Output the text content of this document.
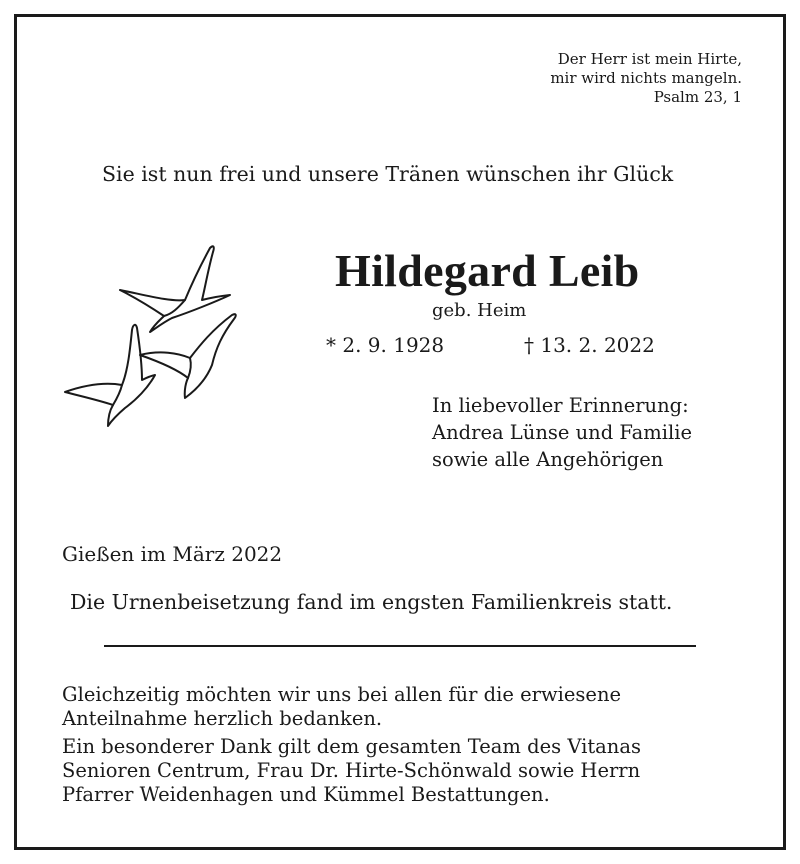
Der Herr ist mein Hirte,
mir wird nichts mangeln.
Psalm 23, 1
Sie ist nun frei und unsere Tränen wünschen ihr Glück
Hildegard Leib
geb. Heim
* 2. 9. 1928	† 13. 2. 2022
In liebevoller Erinnerung:
Andrea Lünse und Familie
sowie alle Angehörigen
Gießen im März 2022
Die Urnenbeisetzung fand im engsten Familienkreis statt.
Gleichzeitig möchten wir uns bei allen für die erwiesene
Anteilnahme herzlich bedanken.
Ein besonderer Dank gilt dem gesamten Team des Vitanas
Senioren Centrum, Frau Dr. Hirte-Schönwald sowie Herrn
Pfarrer Weidenhagen und Kümmel Bestattungen.
